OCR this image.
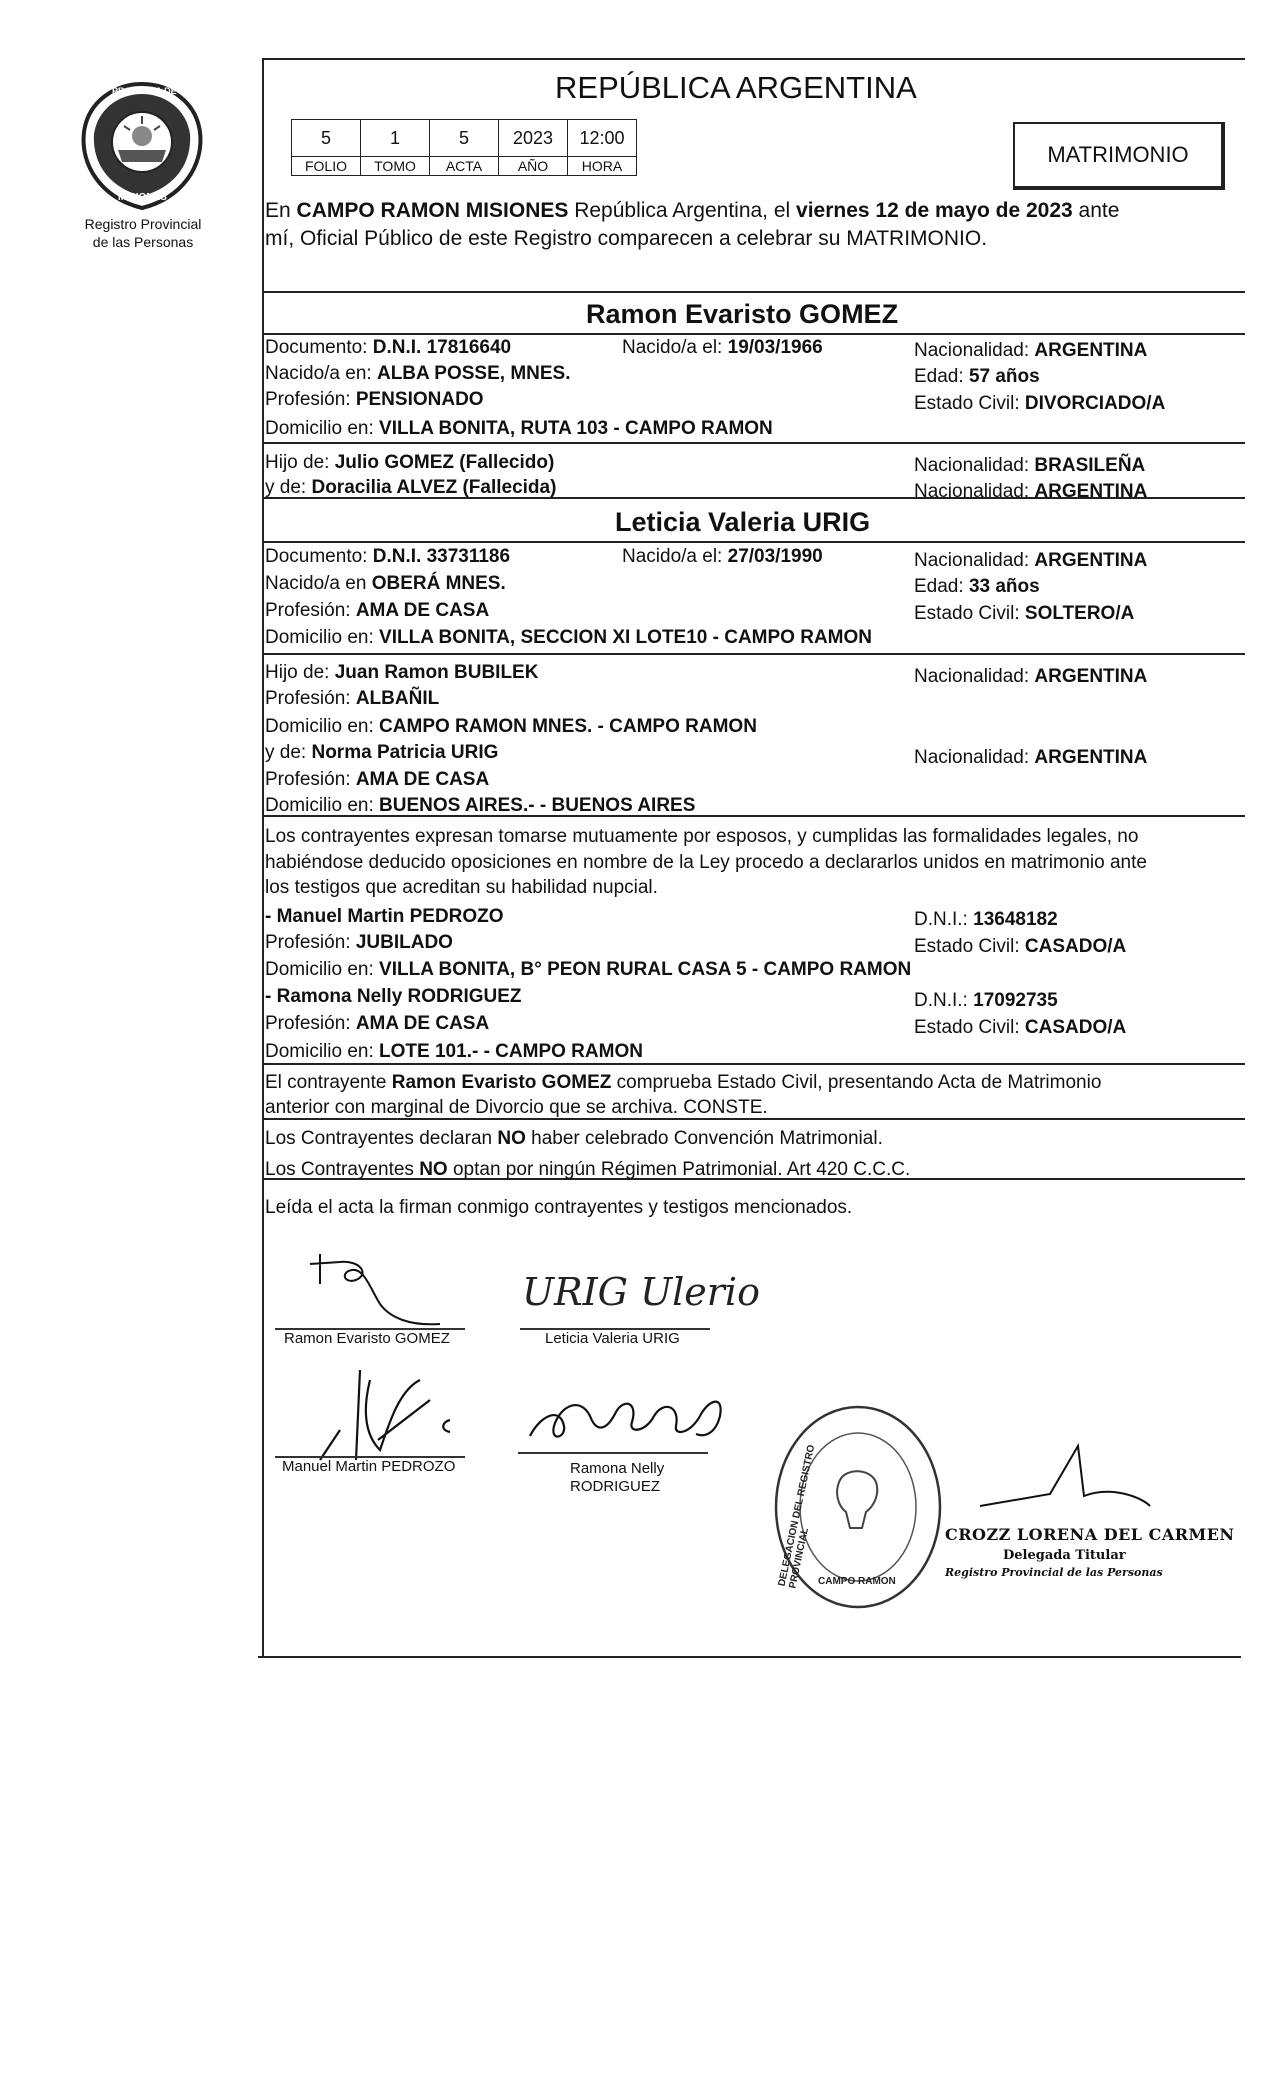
PROVINCIA DE
MISIONES
Registro Provincial
de las Personas
REPÚBLICA ARGENTINA
5	1	5	2023	12:00
FOLIO	TOMO	ACTA	AÑO	HORA	MATRIMONIO
En CAMPO RAMON MISIONES República Argentina, el viernes 12 de mayo de 2023 ante
mí, Oficial Público de este Registro comparecen a celebrar su MATRIMONIO.
Ramon Evaristo GOMEZ
Documento: D.N.I. 17816640	Nacido/a el: 19/03/1966	Nacionalidad: ARGENTINA
Nacido/a en: ALBA POSSE, MNES.	Edad: 57 años
Profesión: PENSIONADO	Estado Civil: DIVORCIADO/A
Domicilio en: VILLA BONITA, RUTA 103 - CAMPO RAMON
Hijo de: Julio GOMEZ (Fallecido)	Nacionalidad: BRASILEÑA
y de: Doracilia ALVEZ (Fallecida)	Nacionalidad: ARGENTINA
Leticia Valeria URIG
Documento: D.N.I. 33731186	Nacido/a el: 27/03/1990	Nacionalidad: ARGENTINA
Nacido/a en OBERÁ MNES.	Edad: 33 años
Profesión: AMA DE CASA	Estado Civil: SOLTERO/A
Domicilio en: VILLA BONITA, SECCION XI LOTE10 - CAMPO RAMON
Hijo de: Juan Ramon BUBILEK	Nacionalidad: ARGENTINA
Profesión: ALBAÑIL
Domicilio en: CAMPO RAMON MNES. - CAMPO RAMON
y de: Norma Patricia URIG	Nacionalidad: ARGENTINA
Profesión: AMA DE CASA
Domicilio en: BUENOS AIRES.- - BUENOS AIRES
Los contrayentes expresan tomarse mutuamente por esposos, y cumplidas las formalidades legales, no
habiéndose deducido oposiciones en nombre de la Ley procedo a declararlos unidos en matrimonio ante
los testigos que acreditan su habilidad nupcial.
- Manuel Martin PEDROZO	D.N.I.: 13648182
Profesión: JUBILADO	Estado Civil: CASADO/A
Domicilio en: VILLA BONITA, B° PEON RURAL CASA 5 - CAMPO RAMON
- Ramona Nelly RODRIGUEZ	D.N.I.: 17092735
Profesión: AMA DE CASA	Estado Civil: CASADO/A
Domicilio en: LOTE 101.- - CAMPO RAMON
El contrayente Ramon Evaristo GOMEZ comprueba Estado Civil, presentando Acta de Matrimonio
anterior con marginal de Divorcio que se archiva. CONSTE.
Los Contrayentes declaran NO haber celebrado Convención Matrimonial.
Los Contrayentes NO optan por ningún Régimen Patrimonial. Art 420 C.C.C.
Leída el acta la firman conmigo contrayentes y testigos mencionados.
Ramon Evaristo GOMEZ
URIG Ulerio
Leticia Valeria URIG
Manuel Martin PEDROZO	Ramona Nelly
RODRIGUEZ	DELEGACION DEL REGISTRO PROVINCIAL CAMPO RAMON
CROZZ LORENA DEL CARMEN
Delegada Titular
Registro Provincial de las Personas
